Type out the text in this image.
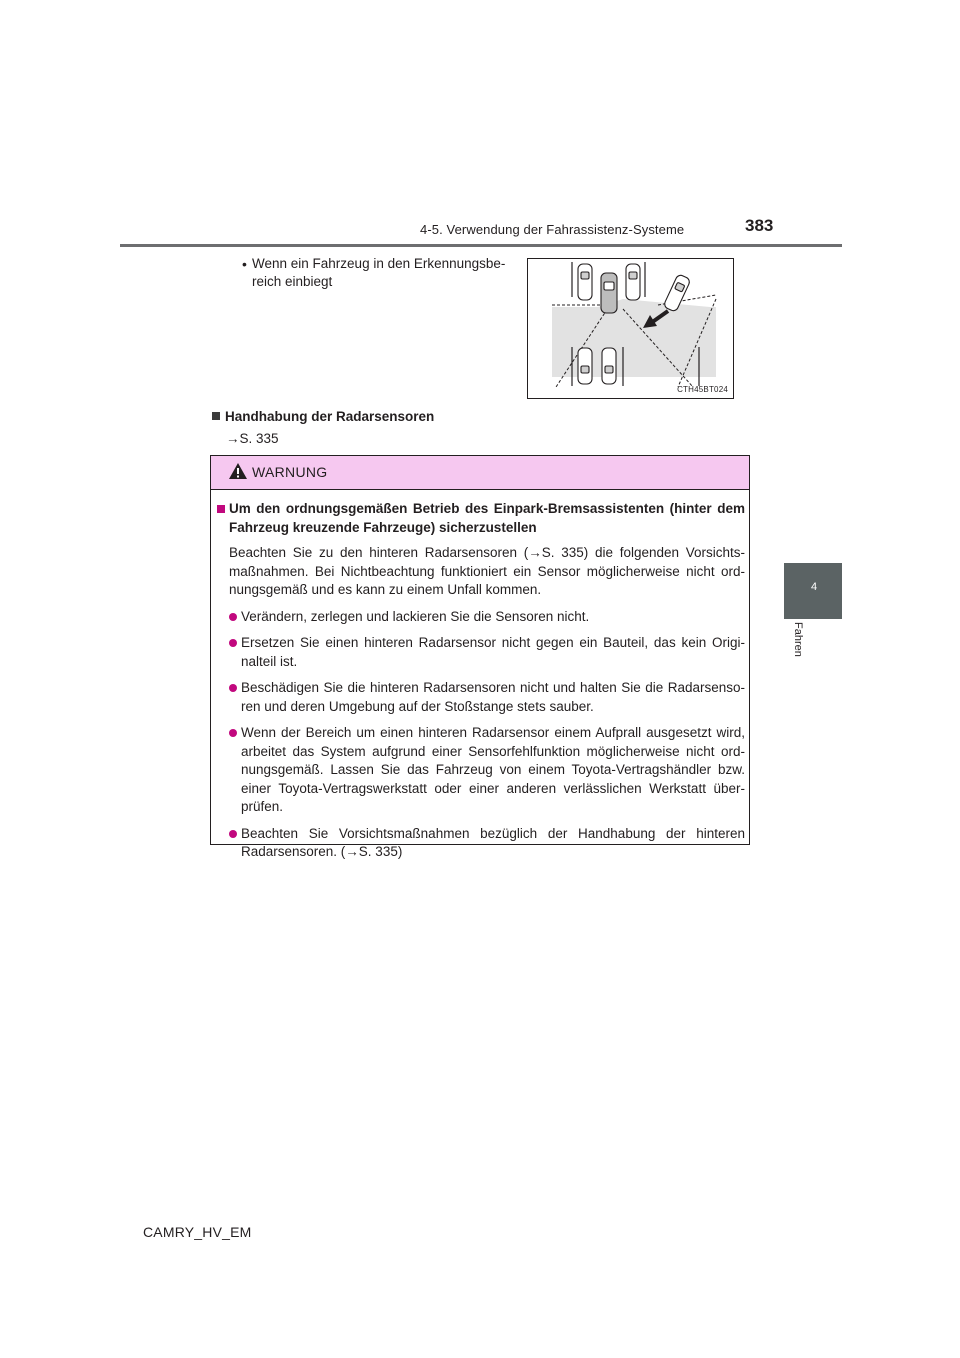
4-5. Verwendung der Fahrassistenz-Systeme	383
4
Fahren
• Wenn ein Fahrzeug in den Erkennungsbe-
reich einbiegt
CTH45BT024
Handhabung der Radarsensoren
→S. 335
WARNUNG
Um den ordnungsgemäßen Betrieb des Einpark-Bremsassistenten (hinter dem Fahrzeug kreuzende Fahrzeuge) sicherzustellen
Beachten Sie zu den hinteren Radarsensoren (→S. 335) die folgenden Vorsichts-maßnahmen. Bei Nichtbeachtung funktioniert ein Sensor möglicherweise nicht ord-nungsgemäß und es kann zu einem Unfall kommen.
Verändern, zerlegen und lackieren Sie die Sensoren nicht.
Ersetzen Sie einen hinteren Radarsensor nicht gegen ein Bauteil, das kein Origi-nalteil ist.
Beschädigen Sie die hinteren Radarsensoren nicht und halten Sie die Radarsenso-ren und deren Umgebung auf der Stoßstange stets sauber.
Wenn der Bereich um einen hinteren Radarsensor einem Aufprall ausgesetzt wird, arbeitet das System aufgrund einer Sensorfehlfunktion möglicherweise nicht ord-nungsgemäß. Lassen Sie das Fahrzeug von einem Toyota-Vertragshändler bzw. einer Toyota-Vertragswerkstatt oder einer anderen verlässlichen Werkstatt über-prüfen.
Beachten Sie Vorsichtsmaßnahmen bezüglich der Handhabung der hinteren Radarsensoren. (→S. 335)
CAMRY_HV_EM
